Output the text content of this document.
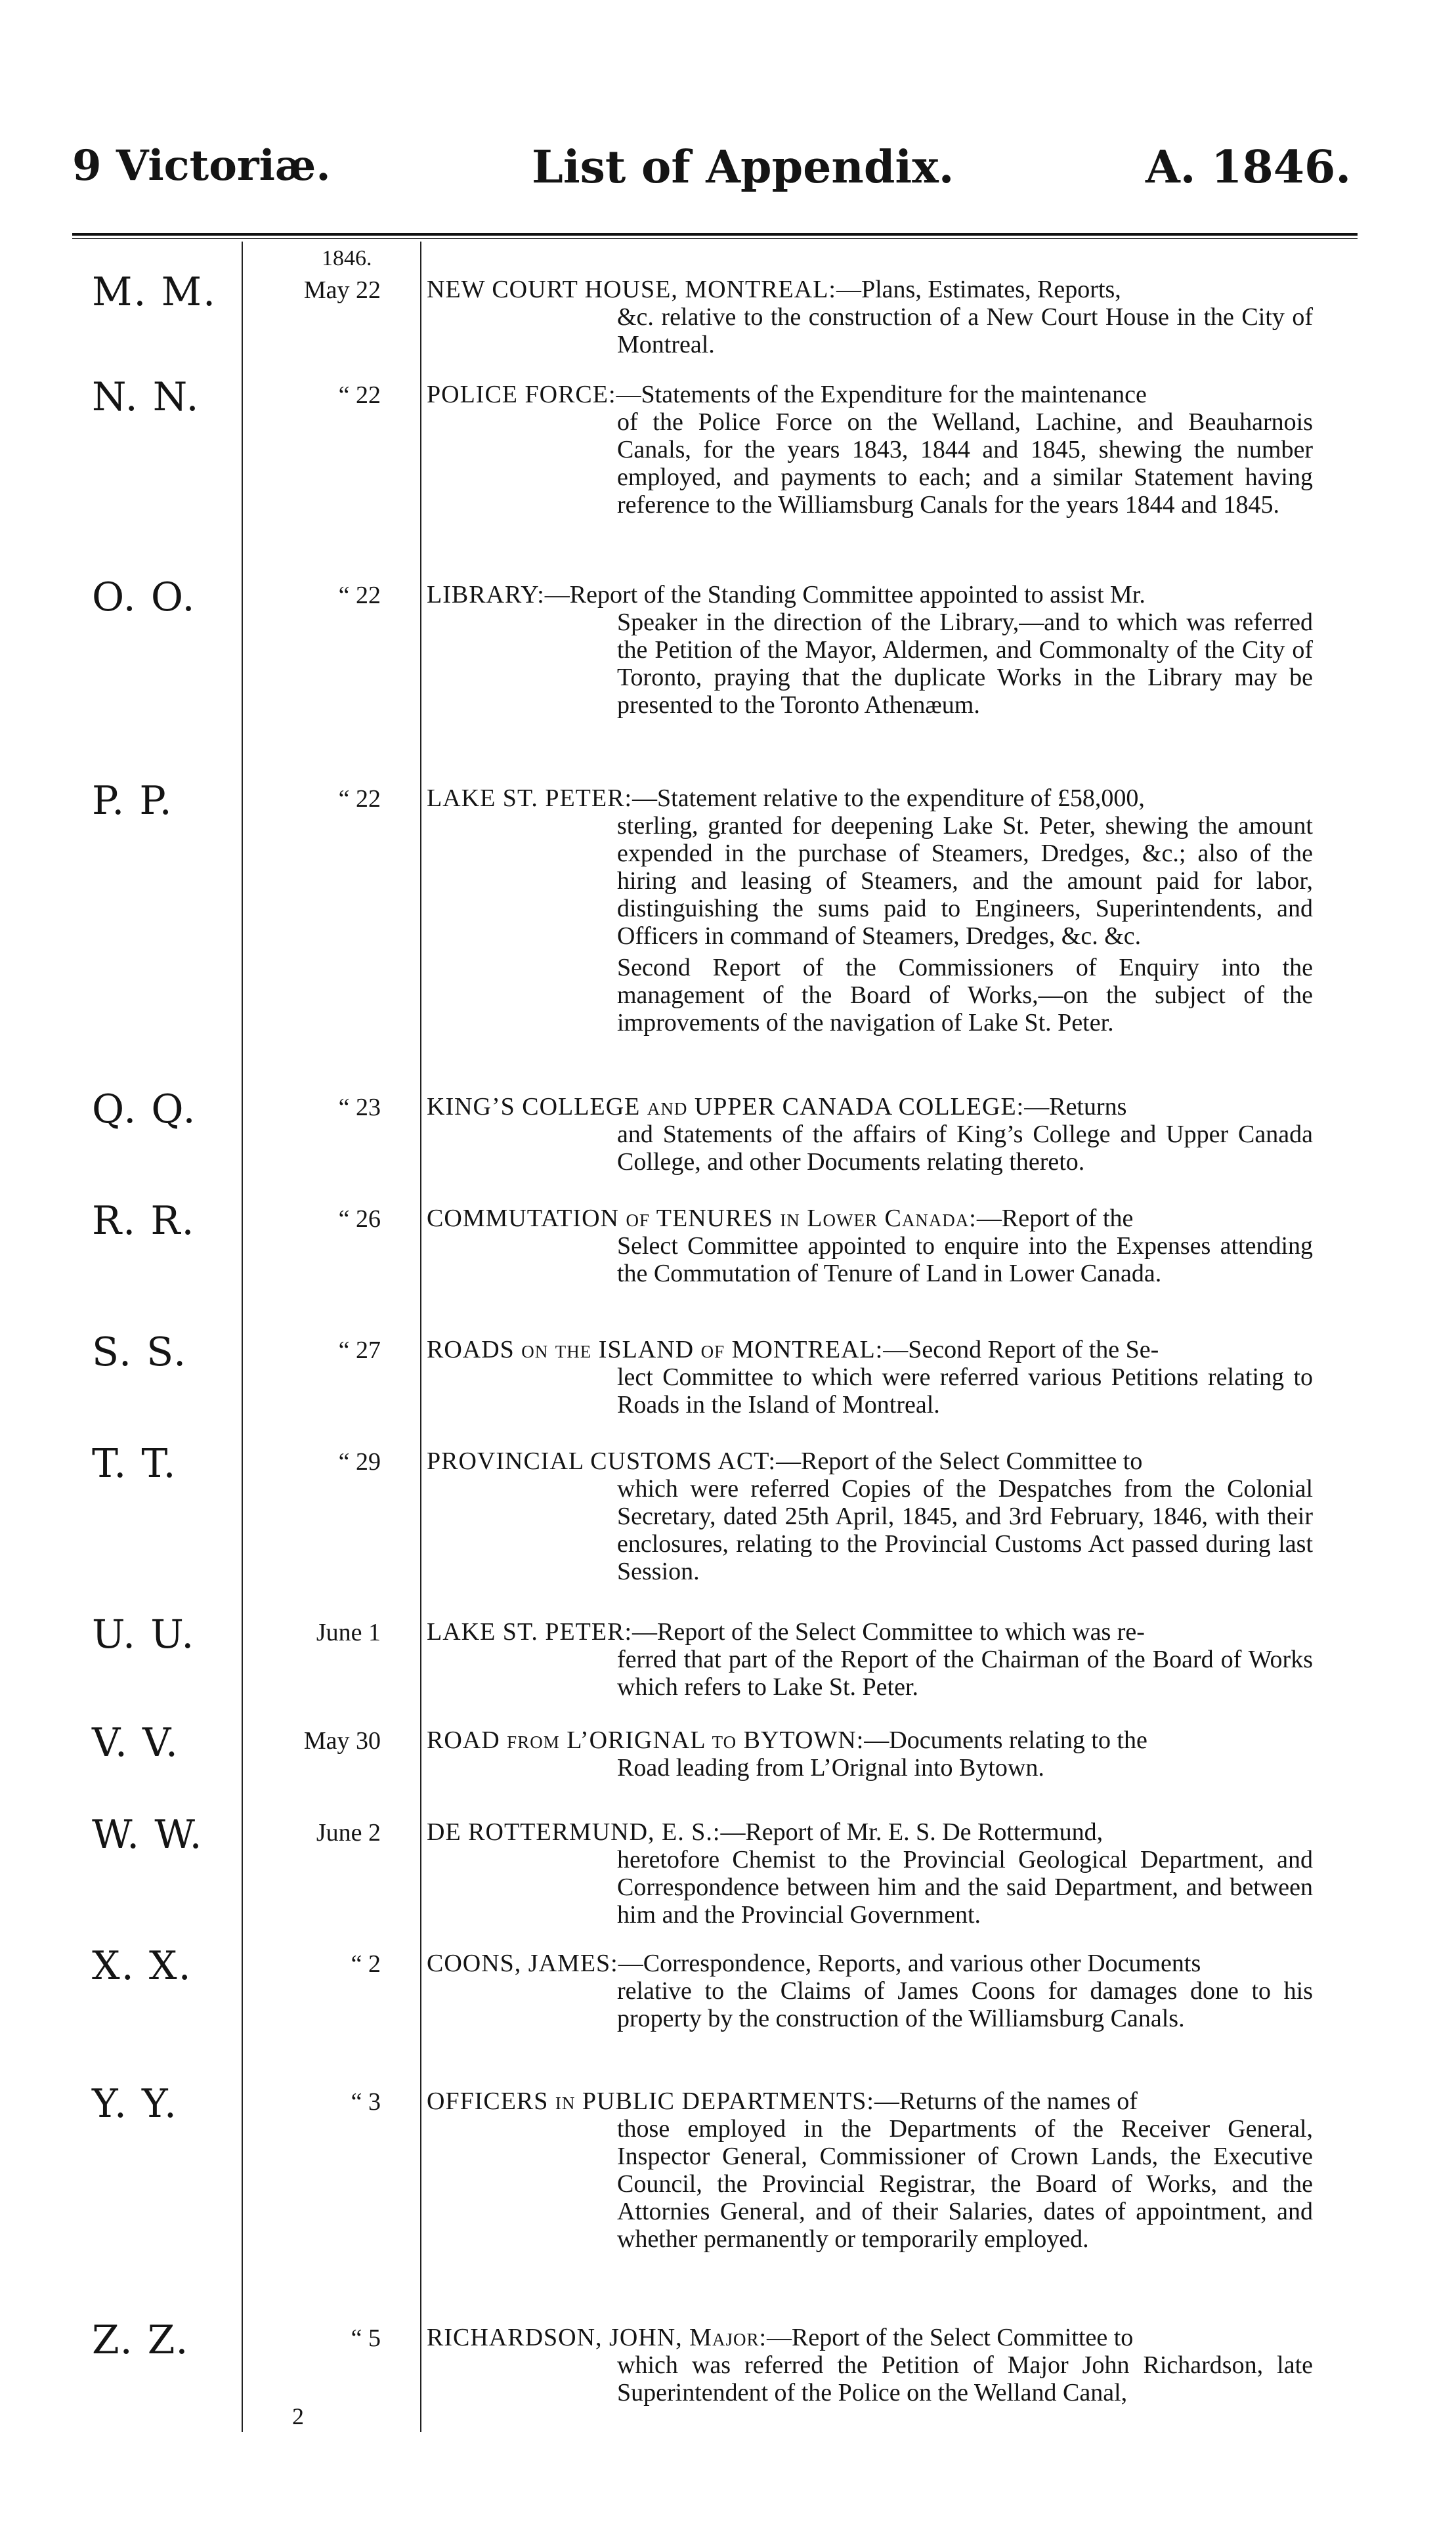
9 Victoriæ.	List of Appendix.	A. 1846.
1846.
M. M.	May 22 NEW COURT HOUSE, MONTREAL:—Plans, Estimates, Reports,
&c. relative to the construction of a New Court House in the City of Montreal.
N. N.	“ 22 POLICE FORCE:—Statements of the Expenditure for the maintenance
of the Police Force on the Welland, Lachine, and Beauharnois Canals, for the years 1843, 1844 and 1845, shewing the number employed, and payments to each; and a similar Statement having reference to the Williamsburg Canals for the years 1844 and 1845.
O. O.	“ 22 LIBRARY:—Report of the Standing Committee appointed to assist Mr.
Speaker in the direction of the Library,—and to which was referred the Petition of the Mayor, Aldermen, and Commonalty of the City of Toronto, praying that the duplicate Works in the Library may be presented to the Toronto Athenæum.
P. P.	“ 22 LAKE ST. PETER:—Statement relative to the expenditure of £58,000,
sterling, granted for deepening Lake St. Peter, shewing the amount expended in the purchase of Steamers, Dredges, &c.; also of the hiring and leasing of Steamers, and the amount paid for labor, distinguishing the sums paid to Engineers, Superintendents, and Officers in command of Steamers, Dredges, &c. &c.
Second Report of the Commissioners of Enquiry into the management of the Board of Works,—on the subject of the improvements of the navigation of Lake St. Peter.
Q. Q.	“ 23 KING’S COLLEGE and UPPER CANADA COLLEGE:—Returns
and Statements of the affairs of King’s College and Upper Canada College, and other Documents relating thereto.
R. R.	“ 26 COMMUTATION of TENURES in Lower Canada:—Report of the
Select Committee appointed to enquire into the Expenses attending the Commutation of Tenure of Land in Lower Canada.
S. S.	“ 27 ROADS on the ISLAND of MONTREAL:—Second Report of the Se-
lect Committee to which were referred various Petitions relating to Roads in the Island of Montreal.
T. T.	“ 29 PROVINCIAL CUSTOMS ACT:—Report of the Select Committee to
which were referred Copies of the Despatches from the Colonial Secretary, dated 25th April, 1845, and 3rd February, 1846, with their enclosures, relating to the Provincial Customs Act passed during last Session.
U. U.	June 1 LAKE ST. PETER:—Report of the Select Committee to which was re-
ferred that part of the Report of the Chairman of the Board of Works which refers to Lake St. Peter.
V. V.	May 30 ROAD from L’ORIGNAL to BYTOWN:—Documents relating to the
Road leading from L’Orignal into Bytown.
W. W.	June 2 DE ROTTERMUND, E. S.:—Report of Mr. E. S. De Rottermund,
heretofore Chemist to the Provincial Geological Department, and Correspondence between him and the said Department, and between him and the Provincial Government.
X. X.	“ 2 COONS, JAMES:—Correspondence, Reports, and various other Documents
relative to the Claims of James Coons for damages done to his property by the construction of the Williamsburg Canals.
Y. Y.	“ 3 OFFICERS in PUBLIC DEPARTMENTS:—Returns of the names of
those employed in the Departments of the Receiver General, Inspector General, Commissioner of Crown Lands, the Executive Council, the Provincial Registrar, the Board of Works, and the Attornies General, and of their Salaries, dates of appointment, and whether permanently or temporarily employed.
Z. Z.	“ 5 RICHARDSON, JOHN, Major:—Report of the Select Committee to
which was referred the Petition of Major John Richardson, late Superintendent of the Police on the Welland Canal,
2
